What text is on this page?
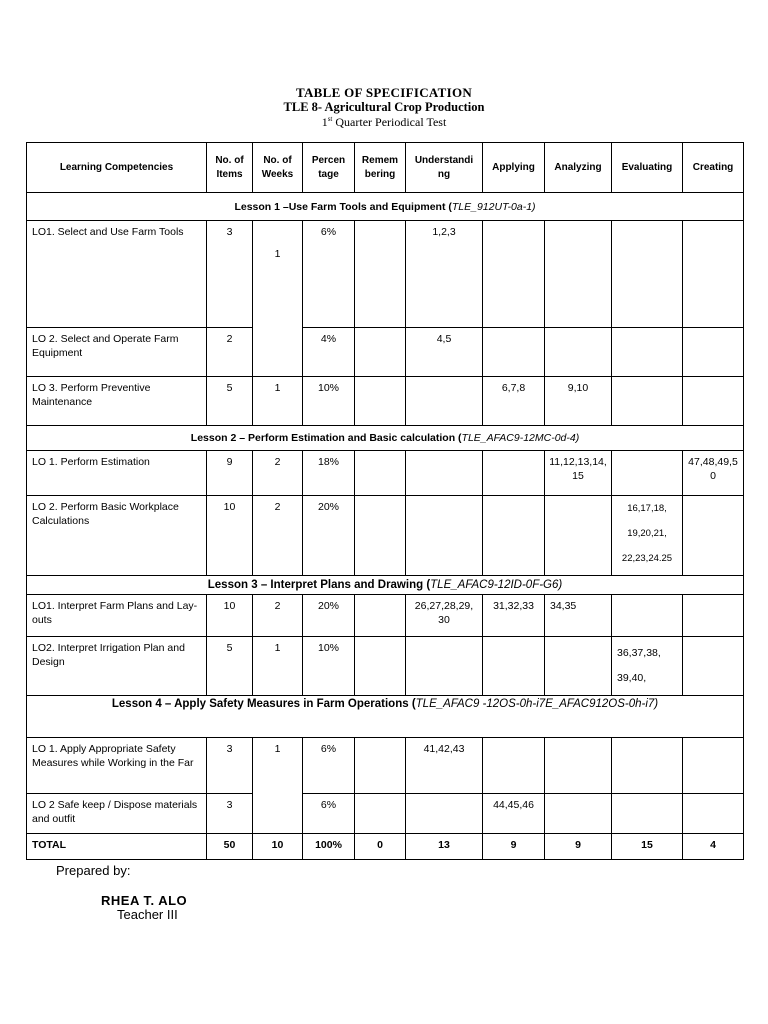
TABLE OF SPECIFICATION
TLE 8- Agricultural Crop Production
1st Quarter Periodical Test
Learning Competencies	No. of Items	No. of Weeks	Percen tage	Remem bering	Understandi ng	Applying	Analyzing	Evaluating	Creating
Lesson 1 –Use Farm Tools and Equipment (TLE_912UT-0a-1)									
LO1. Select and Use Farm Tools	3	1	6%		1,2,3				
LO 2. Select and Operate Farm Equipment	2		4%		4,5				
LO 3. Perform Preventive Maintenance	5	1	10%			6,7,8	9,10		
Lesson 2 – Perform Estimation and Basic calculation (TLE_AFAC9-12MC-0d-4)									
LO 1. Perform Estimation	9	2	18%				11,12,13,14,15		47,48,49,50
LO 2. Perform Basic Workplace Calculations	10	2	20%					16,17,18, 19,20,21, 22,23,24.25	
Lesson 3 – Interpret Plans and Drawing (TLE_AFAC9-12ID-0F-G6)									
LO1. Interpret Farm Plans and Lay-outs	10	2	20%		26,27,28,29, 30	31,32,33	34,35		
LO2. Interpret Irrigation Plan and Design	5	1	10%					36,37,38, 39,40,	
Lesson 4 – Apply Safety Measures in Farm Operations (TLE_AFAC9 -12OS-0h-i7E_AFAC912OS-0h-i7)									
LO 1. Apply Appropriate Safety Measures while Working in the Far	3	1	6%		41,42,43				
LO 2 Safe keep / Dispose materials and outfit	3		6%			44,45,46			
TOTAL	50	10	100%	0	13	9	9	15	4
Prepared by:
RHEA T. ALO
Teacher III
